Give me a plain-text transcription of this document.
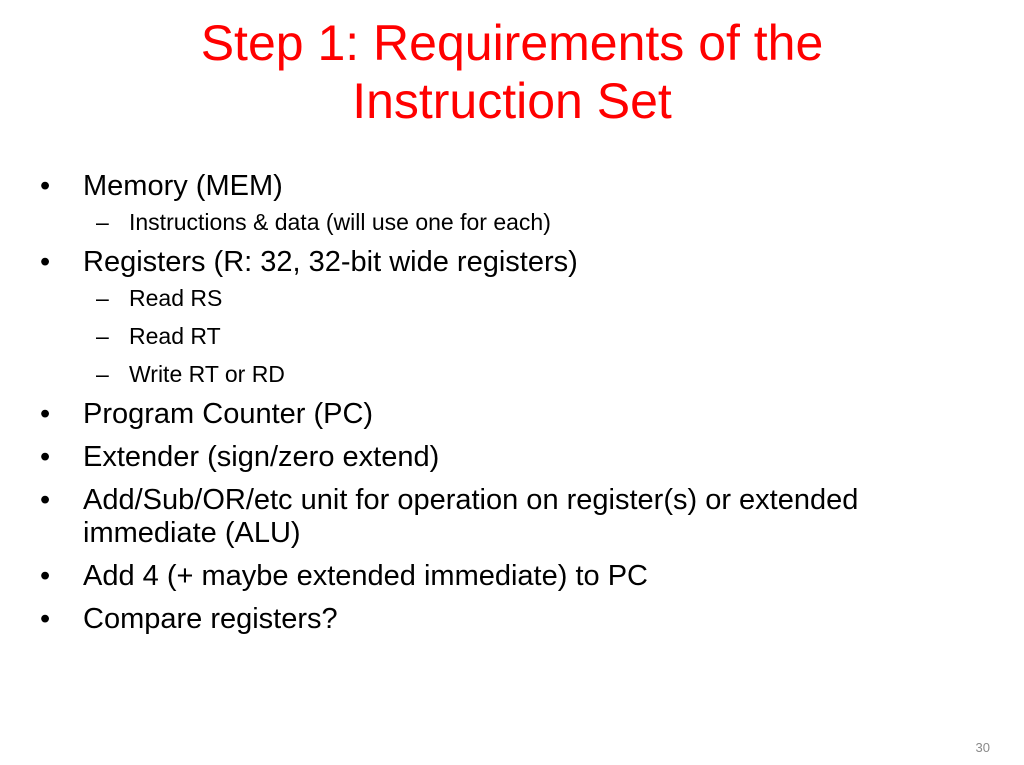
Step 1: Requirements of the
Instruction Set
•	Memory (MEM)
– Instructions & data (will use one for each)
•	Registers (R: 32, 32-bit wide registers)
– Read RS
– Read RT
– Write RT or RD
•	Program Counter (PC)
•	Extender (sign/zero extend)
•	Add/Sub/OR/etc unit for operation on register(s) or extended immediate (ALU)
•	Add 4 (+ maybe extended immediate) to PC
•	Compare registers?
30
